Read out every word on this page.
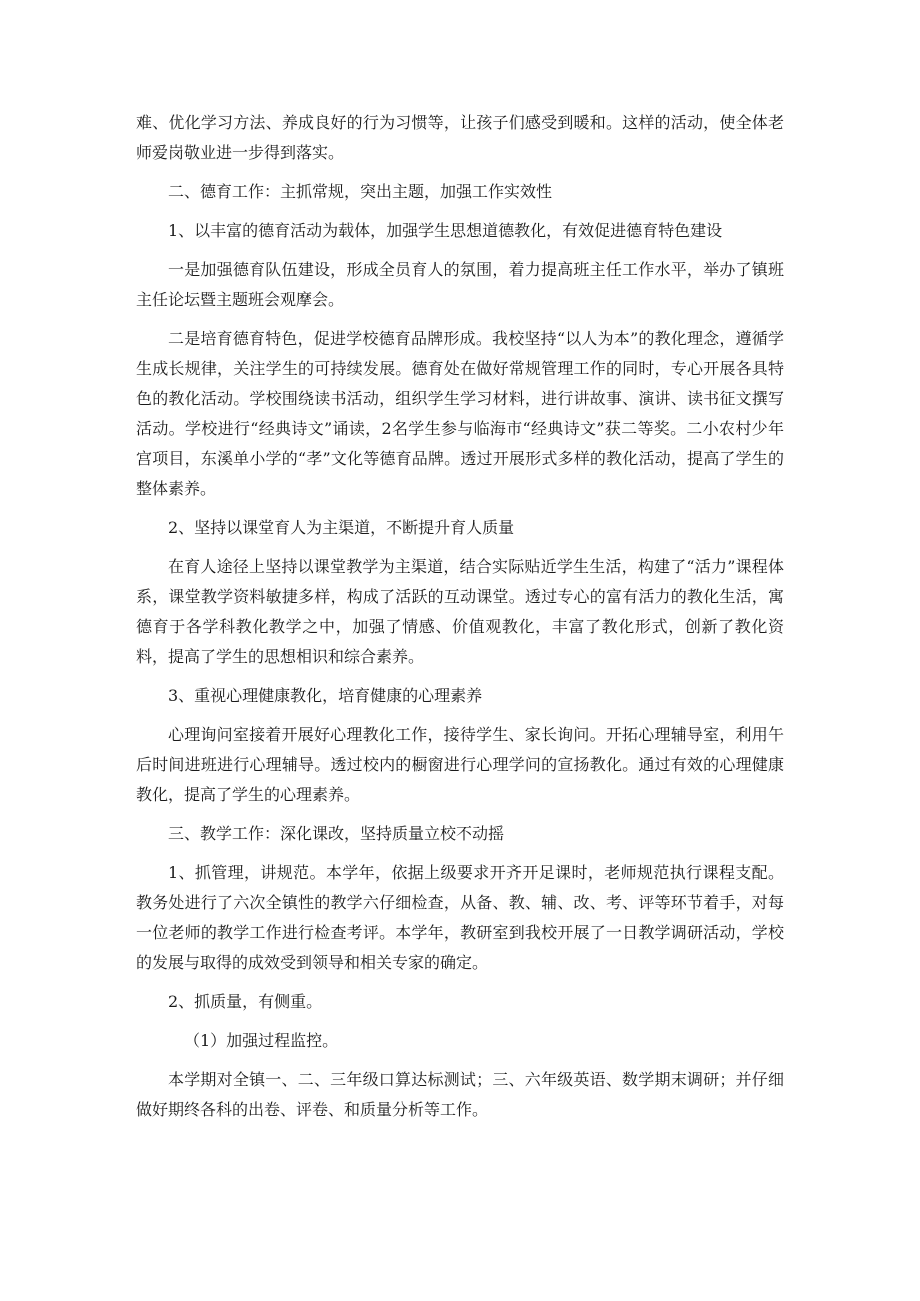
难、优化学习方法、养成良好的行为习惯等，让孩子们感受到暖和。这样的活动，使全体老师爱岗敬业进一步得到落实。

二、德育工作：主抓常规，突出主题，加强工作实效性

1、以丰富的德育活动为载体，加强学生思想道德教化，有效促进德育特色建设

一是加强德育队伍建设，形成全员育人的氛围，着力提高班主任工作水平，举办了镇班主任论坛暨主题班会观摩会。

二是培育德育特色，促进学校德育品牌形成。我校坚持“以人为本”的教化理念，遵循学生成长规律，关注学生的可持续发展。德育处在做好常规管理工作的同时，专心开展各具特色的教化活动。学校围绕读书活动，组织学生学习材料，进行讲故事、演讲、读书征文撰写活动。学校进行“经典诗文”诵读，2名学生参与临海市“经典诗文”获二等奖。二小农村少年宫项目，东溪单小学的“孝”文化等德育品牌。透过开展形式多样的教化活动，提高了学生的整体素养。

2、坚持以课堂育人为主渠道，不断提升育人质量

在育人途径上坚持以课堂教学为主渠道，结合实际贴近学生生活，构建了“活力”课程体系，课堂教学资料敏捷多样，构成了活跃的互动课堂。透过专心的富有活力的教化生活，寓德育于各学科教化教学之中，加强了情感、价值观教化，丰富了教化形式，创新了教化资料，提高了学生的思想相识和综合素养。

3、重视心理健康教化，培育健康的心理素养

心理询问室接着开展好心理教化工作，接待学生、家长询问。开拓心理辅导室，利用午后时间进班进行心理辅导。透过校内的橱窗进行心理学问的宣扬教化。通过有效的心理健康教化，提高了学生的心理素养。

三、教学工作：深化课改，坚持质量立校不动摇

1、抓管理，讲规范。本学年，依据上级要求开齐开足课时，老师规范执行课程支配。教务处进行了六次全镇性的教学六仔细检查，从备、教、辅、改、考、评等环节着手，对每一位老师的教学工作进行检查考评。本学年，教研室到我校开展了一日教学调研活动，学校的发展与取得的成效受到领导和相关专家的确定。

2、抓质量，有侧重。

（1）加强过程监控。

本学期对全镇一、二、三年级口算达标测试；三、六年级英语、数学期末调研；并仔细做好期终各科的出卷、评卷、和质量分析等工作。
